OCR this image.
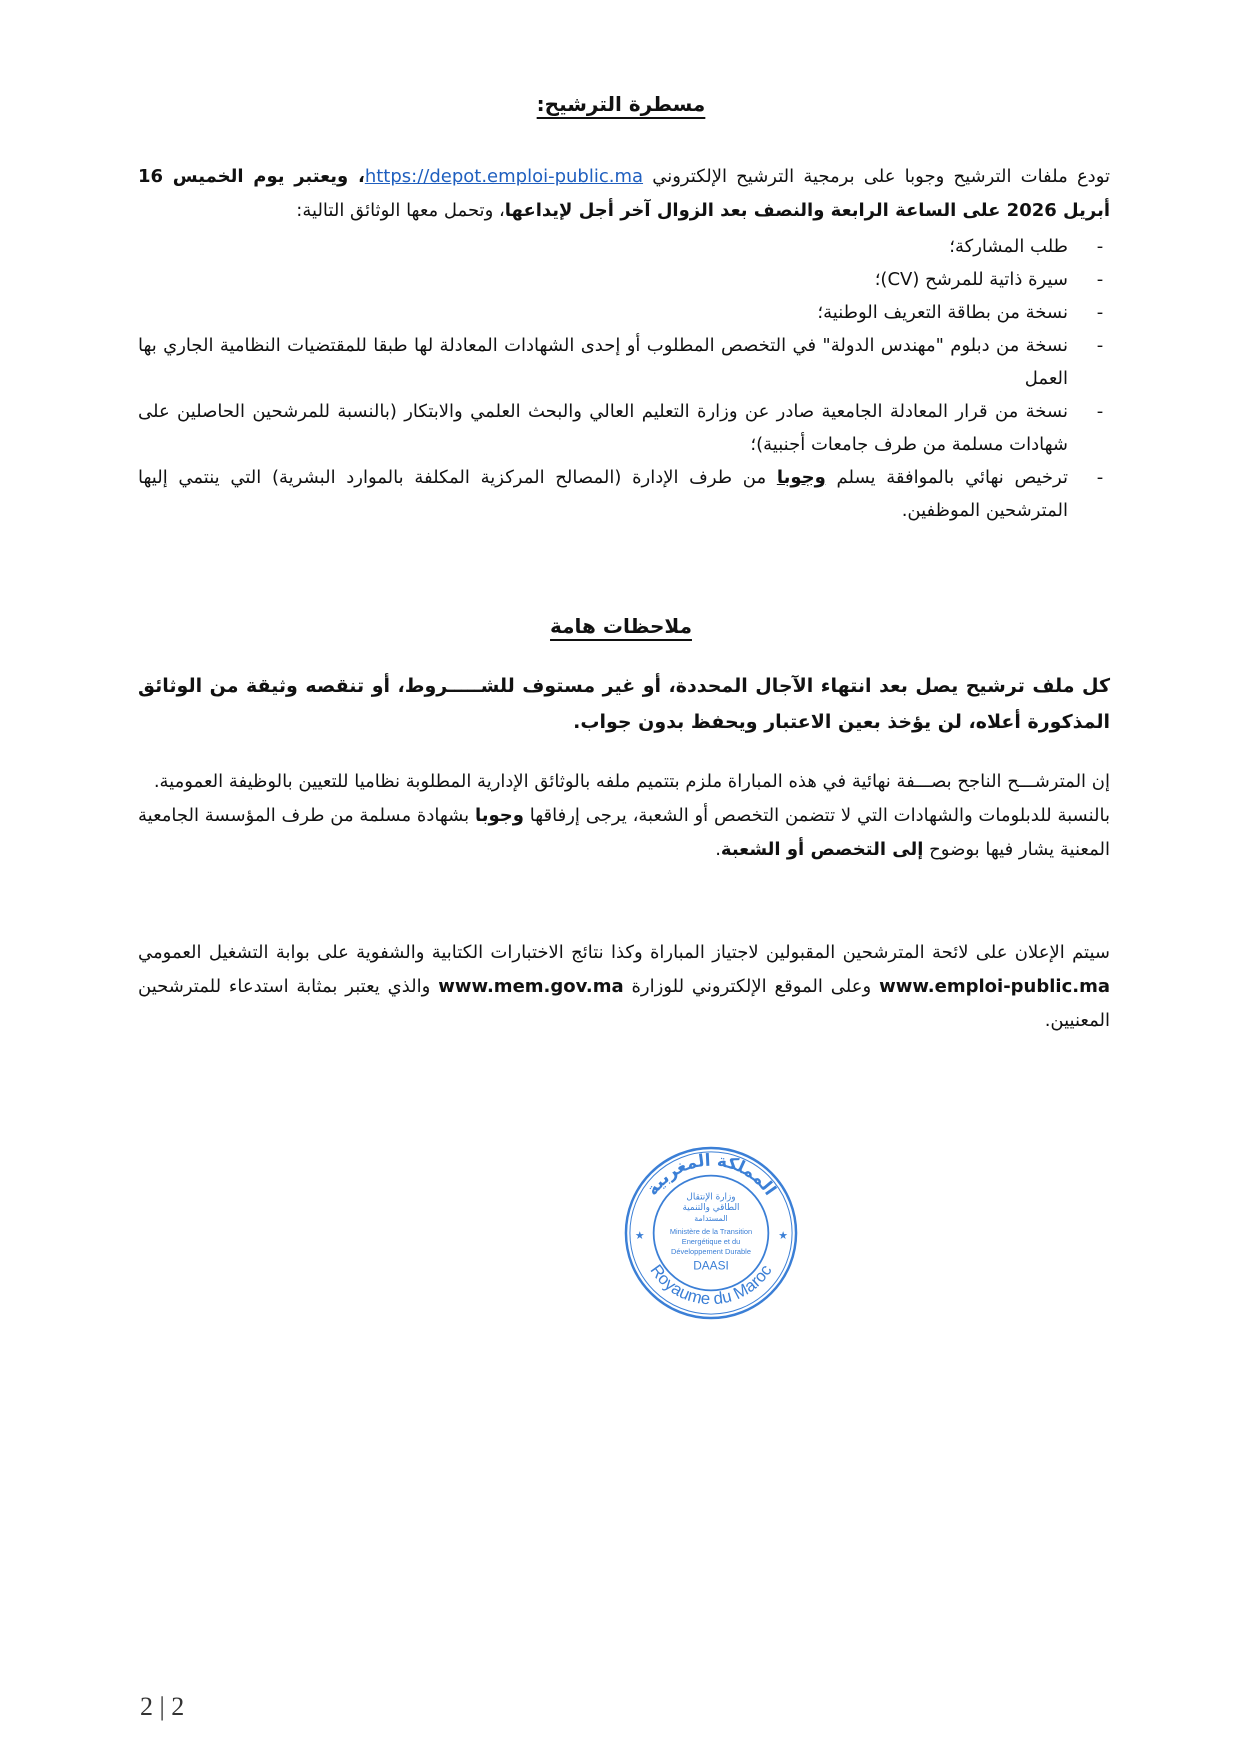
مسطرة الترشيح:

تودع ملفات الترشيح وجوبا على برمجية الترشيح الإلكتروني https://depot.emploi-public.ma، ويعتبر يوم الخميس 16 أبريل 2026 على الساعة الرابعة والنصف بعد الزوال آخر أجل لإيداعها، وتحمل معها الوثائق التالية:

-
طلب المشاركة؛
-
سيرة ذاتية للمرشح (CV)؛
-
نسخة من بطاقة التعريف الوطنية؛
-
نسخة من دبلوم "مهندس الدولة" في التخصص المطلوب أو إحدى الشهادات المعادلة لها طبقا للمقتضيات النظامية الجاري بها العمل
-
نسخة من قرار المعادلة الجامعية صادر عن وزارة التعليم العالي والبحث العلمي والابتكار (بالنسبة للمرشحين الحاصلين على شهادات مسلمة من طرف جامعات أجنبية)؛
-
ترخيص نهائي بالموافقة يسلم وجوبا من طرف الإدارة (المصالح المركزية المكلفة بالموارد البشرية) التي ينتمي إليها المترشحين الموظفين.
ملاحظات هامة

كل ملف ترشيح يصل بعد انتهاء الآجال المحددة، أو غير مستوف للشـــــروط، أو تنقصه وثيقة من الوثائق المذكورة أعلاه، لن يؤخذ بعين الاعتبار ويحفظ بدون جواب.

إن المترشـــح الناجح بصـــفة نهائية في هذه المباراة ملزم بتتميم ملفه بالوثائق الإدارية المطلوبة نظاميا للتعيين بالوظيفة العمومية.

بالنسبة للدبلومات والشهادات التي لا تتضمن التخصص أو الشعبة، يرجى إرفاقها وجوبا بشهادة مسلمة من طرف المؤسسة الجامعية المعنية يشار فيها بوضوح إلى التخصص أو الشعبة.

سيتم الإعلان على لائحة المترشحين المقبولين لاجتياز المباراة وكذا نتائج الاختبارات الكتابية والشفوية على بوابة التشغيل العمومي www.emploi-public.ma وعلى الموقع الإلكتروني للوزارة www.mem.gov.ma والذي يعتبر بمثابة استدعاء للمترشحين المعنيين.

المملكة المغربية
Royaume du Maroc
★	★
وزارة الإنتقال
الطاقي والتنمية
المستدامة
Ministère de la Transition
Energétique et du
Développement Durable
DAASI
2 | 2
